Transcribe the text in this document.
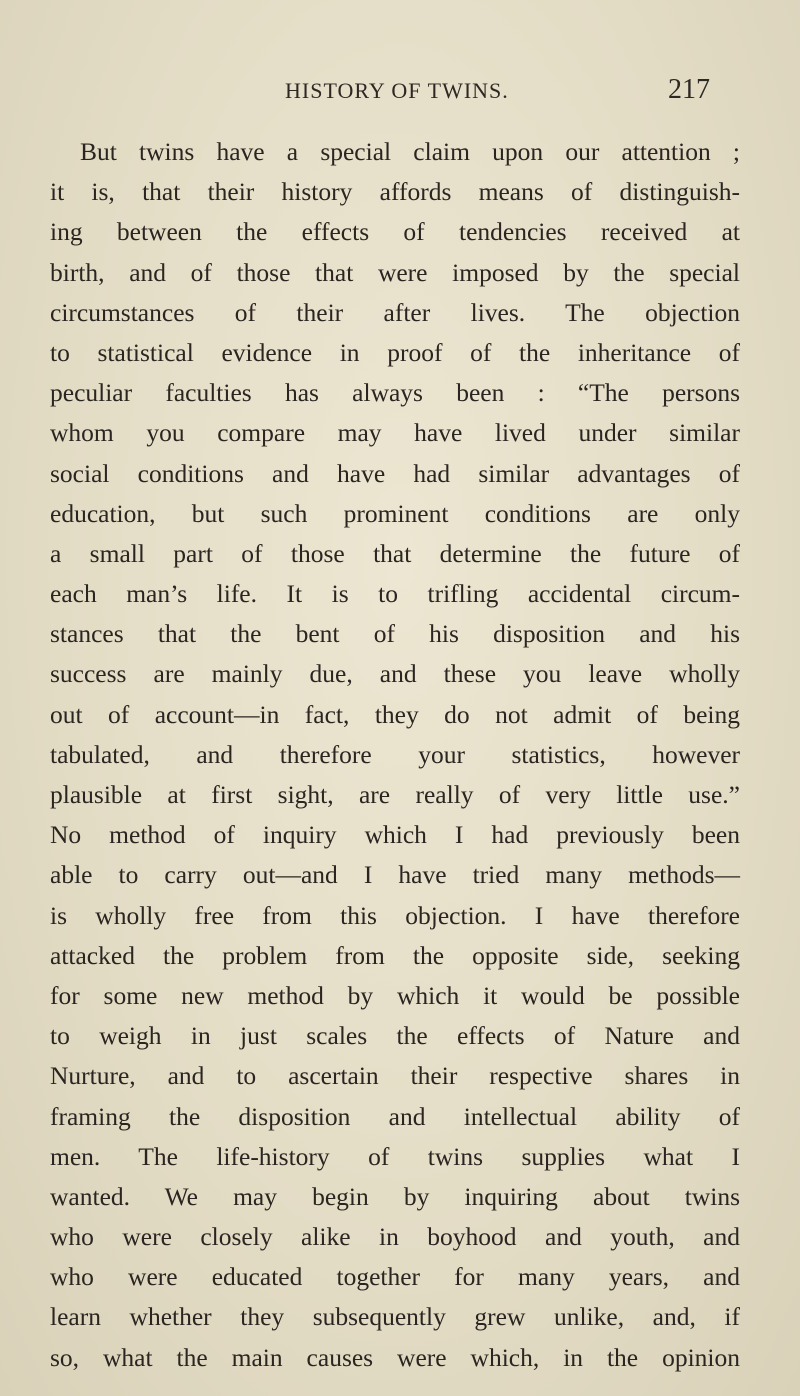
HISTORY OF TWINS.	217
But twins have a special claim upon our attention ;
it is, that their history affords means of distinguish-
ing between the effects of tendencies received at
birth, and of those that were imposed by the special
circumstances of their after lives. The objection
to statistical evidence in proof of the inheritance of
peculiar faculties has always been : “The persons
whom you compare may have lived under similar
social conditions and have had similar advantages of
education, but such prominent conditions are only
a small part of those that determine the future of
each man’s life. It is to trifling accidental circum-
stances that the bent of his disposition and his
success are mainly due, and these you leave wholly
out of account—in fact, they do not admit of being
tabulated, and therefore your statistics, however
plausible at first sight, are really of very little use.”
No method of inquiry which I had previously been
able to carry out—and I have tried many methods—
is wholly free from this objection. I have therefore
attacked the problem from the opposite side, seeking
for some new method by which it would be possible
to weigh in just scales the effects of Nature and
Nurture, and to ascertain their respective shares in
framing the disposition and intellectual ability of
men. The life-history of twins supplies what I
wanted. We may begin by inquiring about twins
who were closely alike in boyhood and youth, and
who were educated together for many years, and
learn whether they subsequently grew unlike, and, if
so, what the main causes were which, in the opinion
